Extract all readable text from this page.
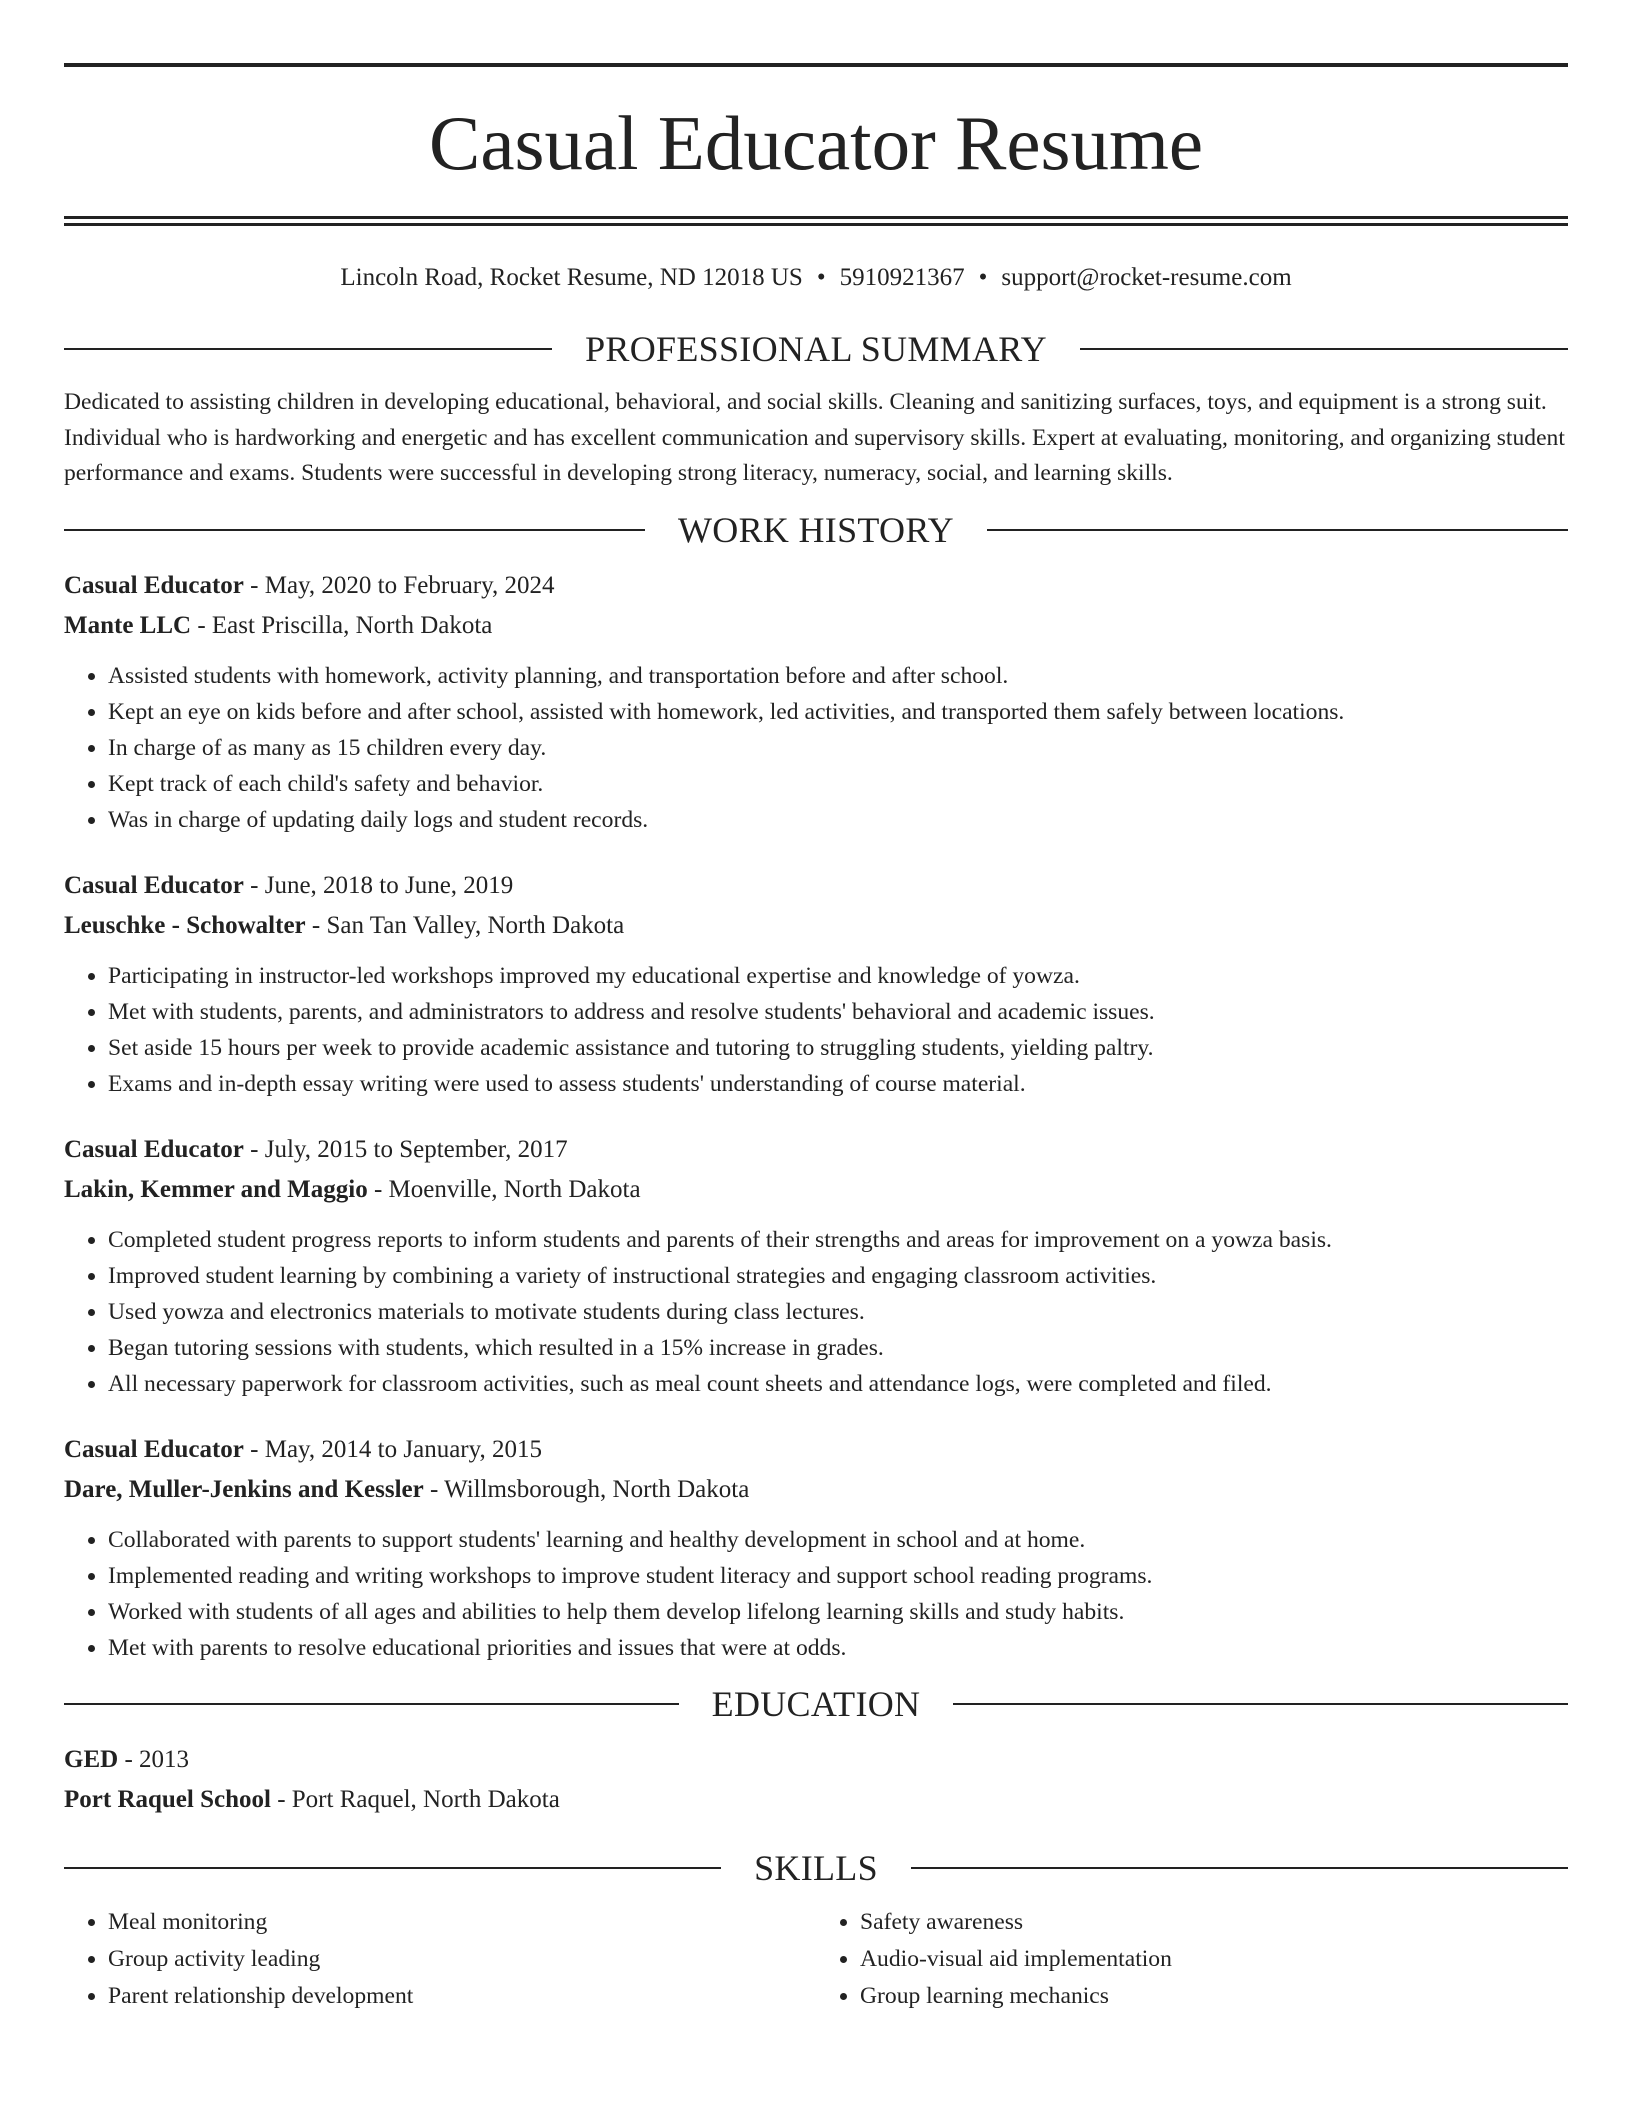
Casual Educator Resume
Lincoln Road, Rocket Resume, ND 12018 US • 5910921367 • support@rocket-resume.com
PROFESSIONAL SUMMARY
Dedicated to assisting children in developing educational, behavioral, and social skills. Cleaning and sanitizing surfaces, toys, and equipment is a strong suit. Individual who is hardworking and energetic and has excellent communication and supervisory skills. Expert at evaluating, monitoring, and organizing student performance and exams. Students were successful in developing strong literacy, numeracy, social, and learning skills.
WORK HISTORY
Casual Educator - May, 2020 to February, 2024
Mante LLC - East Priscilla, North Dakota
• Assisted students with homework, activity planning, and transportation before and after school.
• Kept an eye on kids before and after school, assisted with homework, led activities, and transported them safely between locations.
• In charge of as many as 15 children every day.
• Kept track of each child's safety and behavior.
• Was in charge of updating daily logs and student records.
Casual Educator - June, 2018 to June, 2019
Leuschke - Schowalter - San Tan Valley, North Dakota
• Participating in instructor-led workshops improved my educational expertise and knowledge of yowza.
• Met with students, parents, and administrators to address and resolve students' behavioral and academic issues.
• Set aside 15 hours per week to provide academic assistance and tutoring to struggling students, yielding paltry.
• Exams and in-depth essay writing were used to assess students' understanding of course material.
Casual Educator - July, 2015 to September, 2017
Lakin, Kemmer and Maggio - Moenville, North Dakota
• Completed student progress reports to inform students and parents of their strengths and areas for improvement on a yowza basis.
• Improved student learning by combining a variety of instructional strategies and engaging classroom activities.
• Used yowza and electronics materials to motivate students during class lectures.
• Began tutoring sessions with students, which resulted in a 15% increase in grades.
• All necessary paperwork for classroom activities, such as meal count sheets and attendance logs, were completed and filed.
Casual Educator - May, 2014 to January, 2015
Dare, Muller-Jenkins and Kessler - Willmsborough, North Dakota
• Collaborated with parents to support students' learning and healthy development in school and at home.
• Implemented reading and writing workshops to improve student literacy and support school reading programs.
• Worked with students of all ages and abilities to help them develop lifelong learning skills and study habits.
• Met with parents to resolve educational priorities and issues that were at odds.
EDUCATION
GED - 2013
Port Raquel School - Port Raquel, North Dakota
SKILLS
• Meal monitoring
• Group activity leading
• Parent relationship development
• Safety awareness
• Audio-visual aid implementation
• Group learning mechanics
